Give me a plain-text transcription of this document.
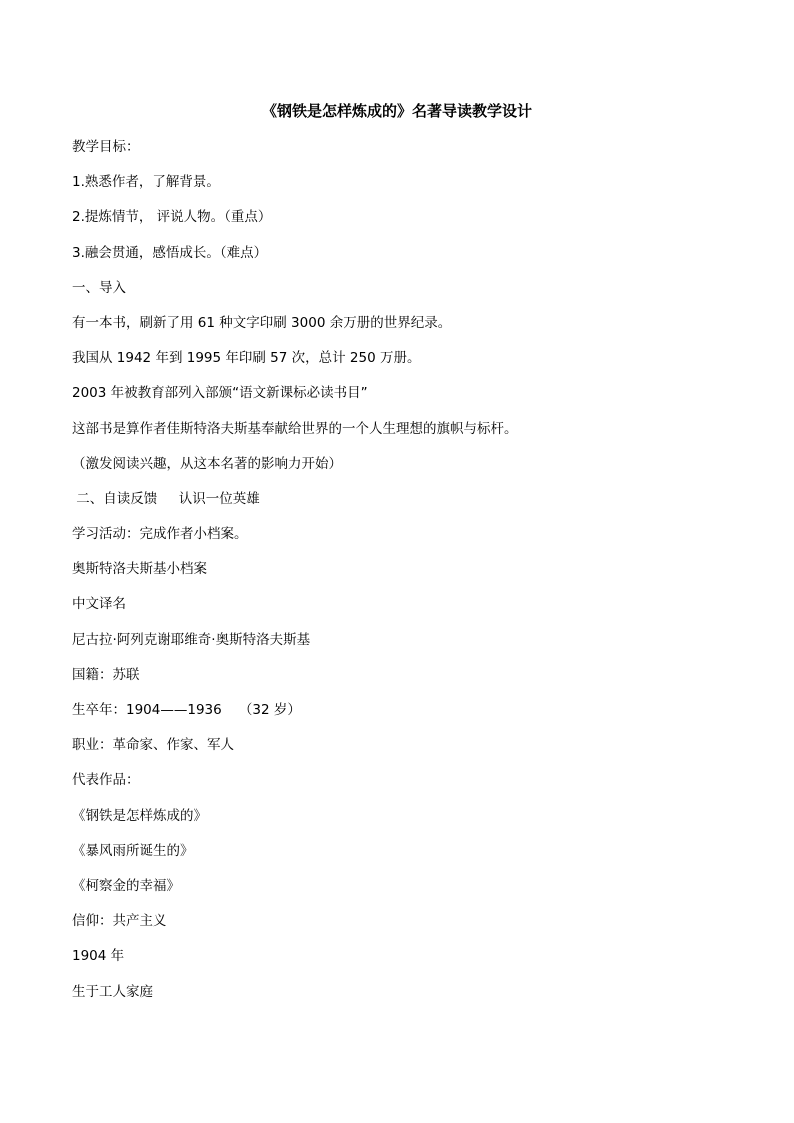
《钢铁是怎样炼成的》名著导读教学设计
教学目标：
1.熟悉作者，了解背景。
2.提炼情节， 评说人物。（重点）
3.融会贯通，感悟成长。（难点）
一、导入
有一本书，刷新了用 61 种文字印刷 3000 余万册的世界纪录。
我国从 1942 年到 1995 年印刷 57 次，总计 250 万册。
2003 年被教育部列入部颁“语文新课标必读书目”
这部书是算作者佳斯特洛夫斯基奉献给世界的一个人生理想的旗帜与标杆。
（激发阅读兴趣，从这本名著的影响力开始）
二、自读反馈     认识一位英雄
学习活动：完成作者小档案。
奥斯特洛夫斯基小档案
中文译名
尼古拉·阿列克谢耶维奇·奥斯特洛夫斯基
国籍：苏联
生卒年：1904——1936    （32 岁）
职业：革命家、作家、军人
代表作品：
《钢铁是怎样炼成的》
《暴风雨所诞生的》
《柯察金的幸福》
信仰：共产主义
1904 年
生于工人家庭
